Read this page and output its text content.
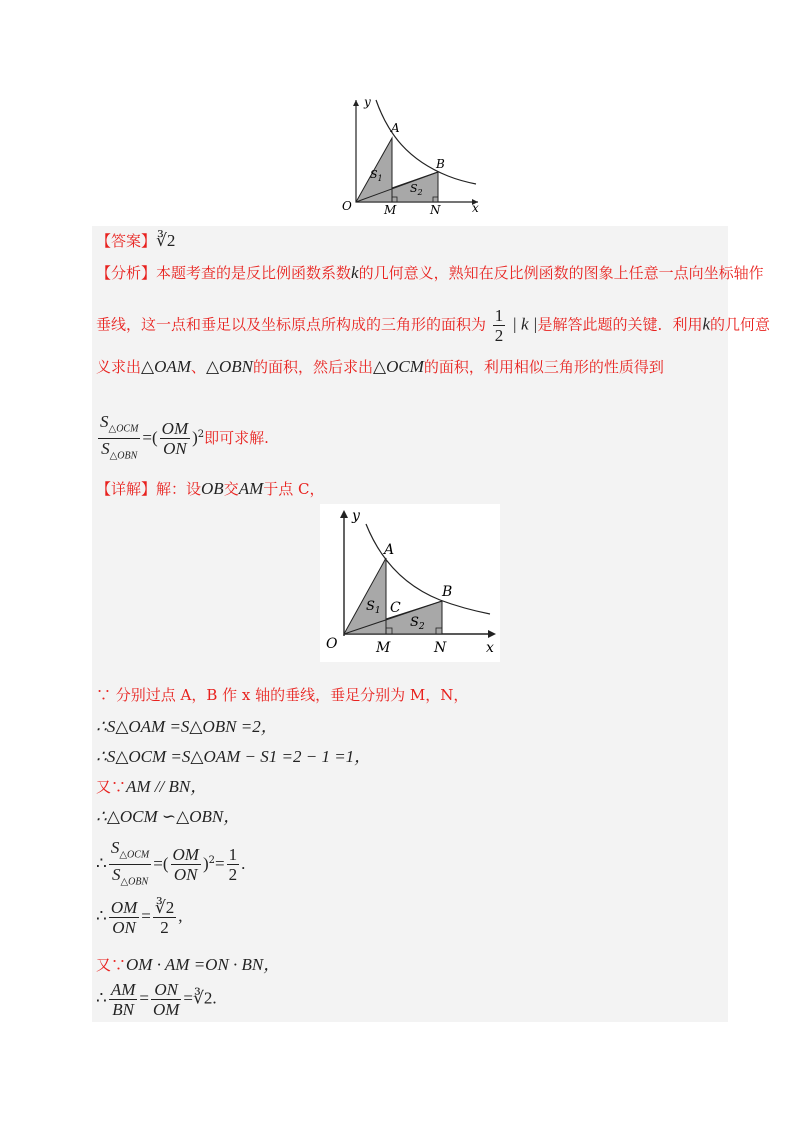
y
x
O
A
B
M	N
$S_1$
$S_2$
【答案】∛2
【分析】本题考查的是反比例函数系数k的几何意义，熟知在反比例函数的图象上任意一点向坐标轴作
垂线，这一点和垂足以及坐标原点所构成的三角形的面积为 $\frac{1}{2}$ | k |是解答此题的关键．利用k的几何意
义求出△OAM、△OBN的面积，然后求出△OCM的面积，利用相似三角形的性质得到
$\frac{S_{\triangle OCM}}{S_{\triangle OBN}}$ =( $\frac{OM}{ON} )^2$即可求解.
【详解】解：设OB交AM于点 C，
y
x
O
A
B
C
M	N
$S_1$
$S_2$
∵ 分别过点 A，B 作 x 轴的垂线，垂足分别为 M，N，
∴S△OAM =S△OBN =2，
∴S△OCM =S△OAM − S1 =2 − 1 =1，
又∵AM // BN，
∴△OCM ∽△OBN，
∴ $\frac{S_{\triangle OCM}}{S_{\triangle OBN}}$ =( $\frac{OM}{ON} )^2= \frac{1}{2}$ .
∴ $\frac{OM}{ON} = \frac{∛2}{2}$ ,
又∵OM · AM =ON · BN，
∴ $\frac{AM}{BN} = \frac{ON}{OM}$ =∛2.
